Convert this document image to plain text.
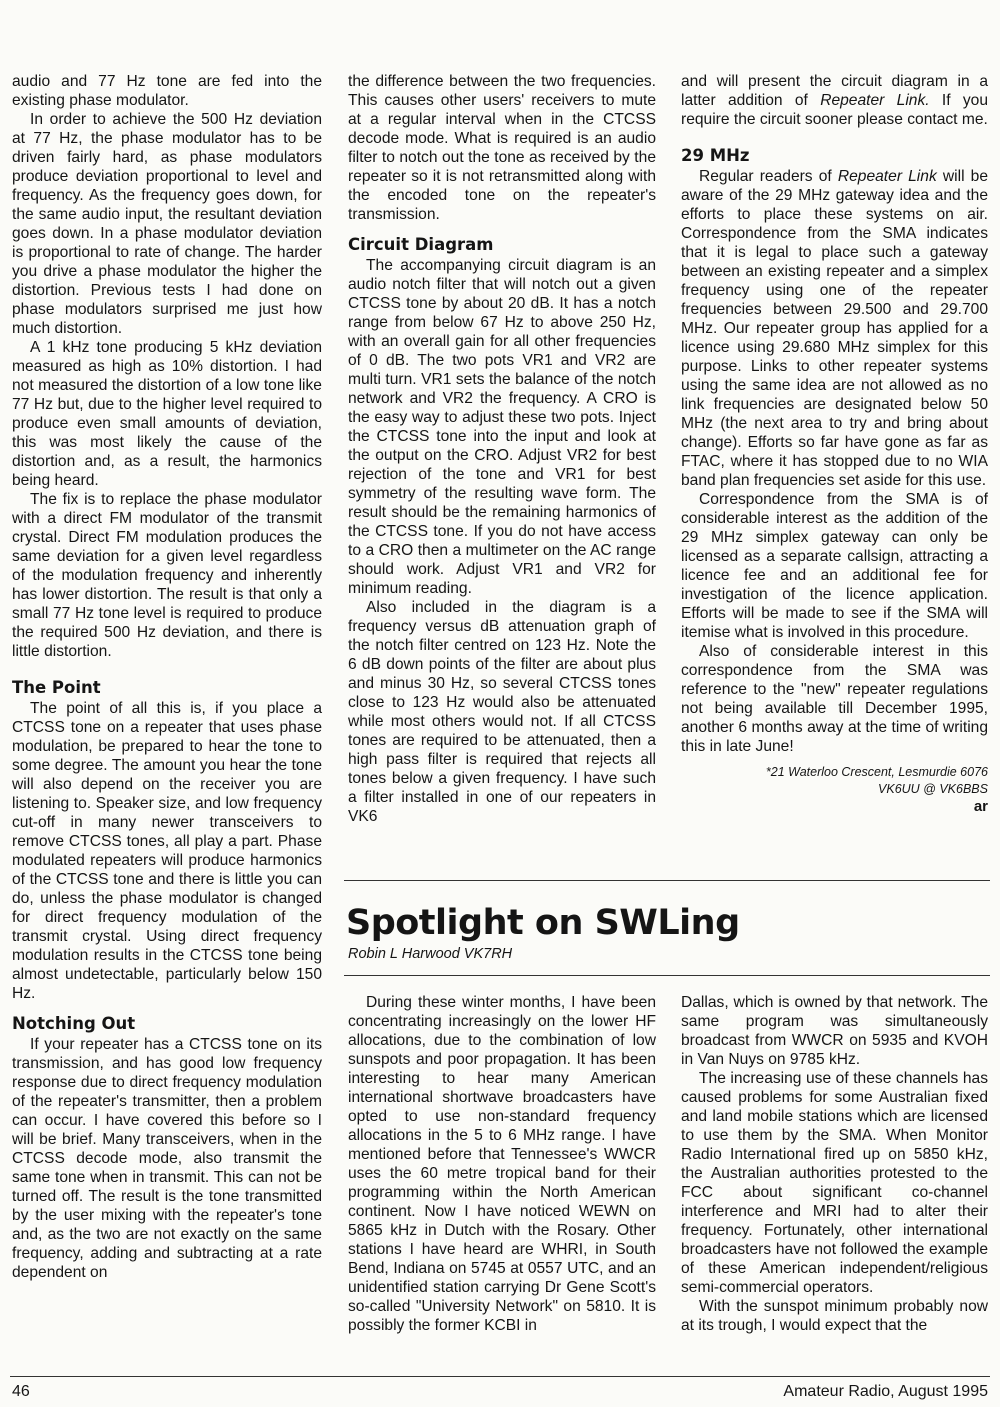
audio and 77 Hz tone are fed into the existing phase modulator.

In order to achieve the 500 Hz deviation at 77 Hz, the phase modulator has to be driven fairly hard, as phase modulators produce deviation proportional to level and frequency. As the frequency goes down, for the same audio input, the resultant deviation goes down. In a phase modulator deviation is proportional to rate of change. The harder you drive a phase modulator the higher the distortion. Previous tests I had done on phase modulators surprised me just how much distortion.

A 1 kHz tone producing 5 kHz deviation measured as high as 10% distortion. I had not measured the distortion of a low tone like 77 Hz but, due to the higher level required to produce even small amounts of deviation, this was most likely the cause of the distortion and, as a result, the harmonics being heard.

The fix is to replace the phase modulator with a direct FM modulator of the transmit crystal. Direct FM modulation produces the same deviation for a given level regardless of the modulation frequency and inherently has lower distortion. The result is that only a small 77 Hz tone level is required to produce the required 500 Hz deviation, and there is little distortion.

The Point

The point of all this is, if you place a CTCSS tone on a repeater that uses phase modulation, be prepared to hear the tone to some degree. The amount you hear the tone will also depend on the receiver you are listening to. Speaker size, and low frequency cut-off in many newer transceivers to remove CTCSS tones, all play a part. Phase modulated repeaters will produce harmonics of the CTCSS tone and there is little you can do, unless the phase modulator is changed for direct frequency modulation of the transmit crystal. Using direct frequency modulation results in the CTCSS tone being almost undetectable, particularly below 150 Hz.

Notching Out

If your repeater has a CTCSS tone on its transmission, and has good low frequency response due to direct frequency modulation of the repeater's transmitter, then a problem can occur. I have covered this before so I will be brief. Many transceivers, when in the CTCSS decode mode, also transmit the same tone when in transmit. This can not be turned off. The result is the tone transmitted by the user mixing with the repeater's tone and, as the two are not exactly on the same frequency, adding and subtracting at a rate dependent on

the difference between the two frequencies. This causes other users' receivers to mute at a regular interval when in the CTCSS decode mode. What is required is an audio filter to notch out the tone as received by the repeater so it is not retransmitted along with the encoded tone on the repeater's transmission.

Circuit Diagram

The accompanying circuit diagram is an audio notch filter that will notch out a given CTCSS tone by about 20 dB. It has a notch range from below 67 Hz to above 250 Hz, with an overall gain for all other frequencies of 0 dB. The two pots VR1 and VR2 are multi turn. VR1 sets the balance of the notch network and VR2 the frequency. A CRO is the easy way to adjust these two pots. Inject the CTCSS tone into the input and look at the output on the CRO. Adjust VR2 for best rejection of the tone and VR1 for best symmetry of the resulting wave form. The result should be the remaining harmonics of the CTCSS tone. If you do not have access to a CRO then a multimeter on the AC range should work. Adjust VR1 and VR2 for minimum reading.

Also included in the diagram is a frequency versus dB attenuation graph of the notch filter centred on 123 Hz. Note the 6 dB down points of the filter are about plus and minus 30 Hz, so several CTCSS tones close to 123 Hz would also be attenuated while most others would not. If all CTCSS tones are required to be attenuated, then a high pass filter is required that rejects all tones below a given frequency. I have such a filter installed in one of our repeaters in VK6

and will present the circuit diagram in a latter addition of Repeater Link. If you require the circuit sooner please contact me.

29 MHz

Regular readers of Repeater Link will be aware of the 29 MHz gateway idea and the efforts to place these systems on air. Correspondence from the SMA indicates that it is legal to place such a gateway between an existing repeater and a simplex frequency using one of the repeater frequencies between 29.500 and 29.700 MHz. Our repeater group has applied for a licence using 29.680 MHz simplex for this purpose. Links to other repeater systems using the same idea are not allowed as no link frequencies are designated below 50 MHz (the next area to try and bring about change). Efforts so far have gone as far as FTAC, where it has stopped due to no WIA band plan frequencies set aside for this use.

Correspondence from the SMA is of considerable interest as the addition of the 29 MHz simplex gateway can only be licensed as a separate callsign, attracting a licence fee and an additional fee for investigation of the licence application. Efforts will be made to see if the SMA will itemise what is involved in this procedure.

Also of considerable interest in this correspondence from the SMA was reference to the "new" repeater regulations not being available till December 1995, another 6 months away at the time of writing this in late June!

*21 Waterloo Crescent, Lesmurdie 6076
VK6UU @ VK6BBS
ar
Spotlight on SWLing
Robin L Harwood VK7RH

During these winter months, I have been concentrating increasingly on the lower HF allocations, due to the combination of low sunspots and poor propagation. It has been interesting to hear many American international shortwave broadcasters have opted to use non-standard frequency allocations in the 5 to 6 MHz range. I have mentioned before that Tennessee's WWCR uses the 60 metre tropical band for their programming within the North American continent. Now I have noticed WEWN on 5865 kHz in Dutch with the Rosary. Other stations I have heard are WHRI, in South Bend, Indiana on 5745 at 0557 UTC, and an unidentified station carrying Dr Gene Scott's so-called "University Network" on 5810. It is possibly the former KCBI in

Dallas, which is owned by that network. The same program was simultaneously broadcast from WWCR on 5935 and KVOH in Van Nuys on 9785 kHz.

The increasing use of these channels has caused problems for some Australian fixed and land mobile stations which are licensed to use them by the SMA. When Monitor Radio International fired up on 5850 kHz, the Australian authorities protested to the FCC about significant co-channel interference and MRI had to alter their frequency. Fortunately, other international broadcasters have not followed the example of these American independent/religious semi-commercial operators.

With the sunspot minimum probably now at its trough, I would expect that the

46	Amateur Radio, August 1995
